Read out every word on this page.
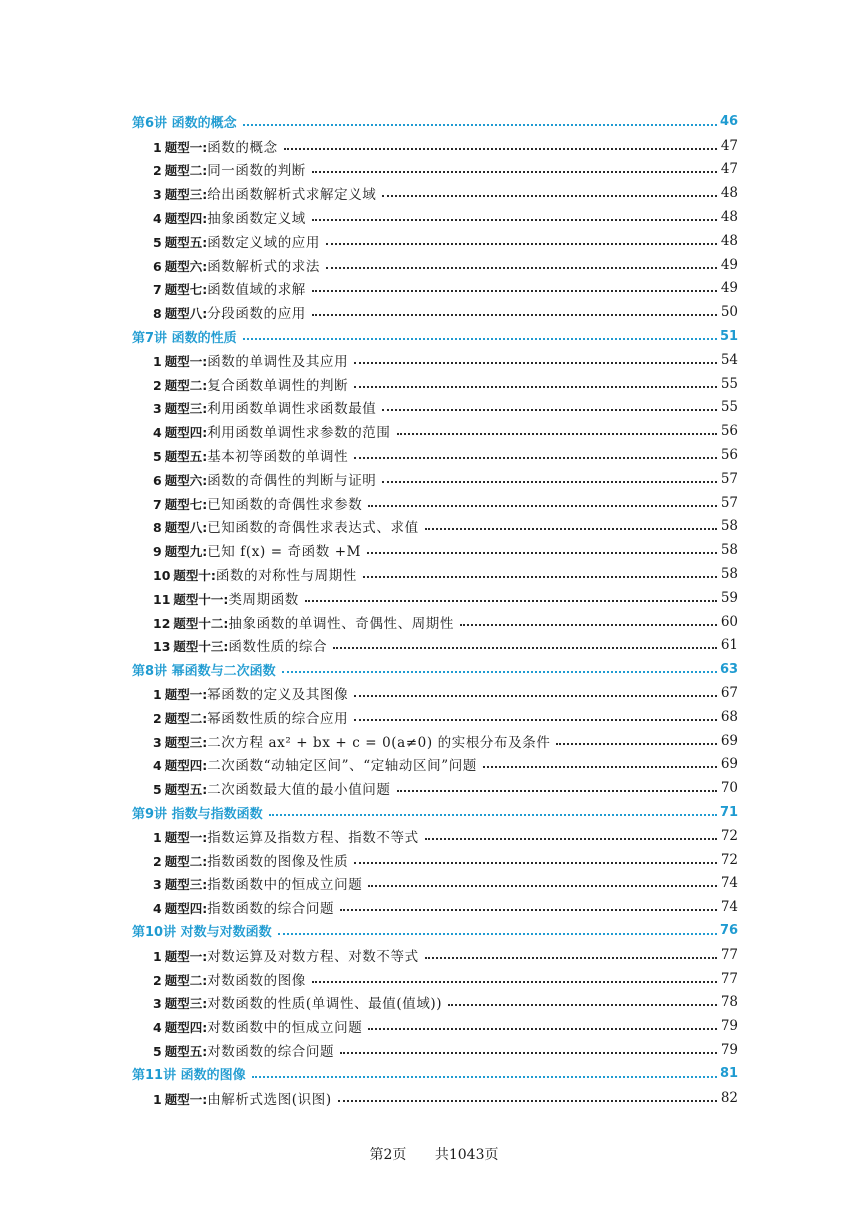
第6讲 函数的概念	46
1 题型一:函数的概念	47
2 题型二:同一函数的判断	47
3 题型三:给出函数解析式求解定义域	48
4 题型四:抽象函数定义域	48
5 题型五:函数定义域的应用	48
6 题型六:函数解析式的求法	49
7 题型七:函数值域的求解	49
8 题型八:分段函数的应用	50
第7讲 函数的性质	51
1 题型一:函数的单调性及其应用	54
2 题型二:复合函数单调性的判断	55
3 题型三:利用函数单调性求函数最值	55
4 题型四:利用函数单调性求参数的范围	56
5 题型五:基本初等函数的单调性	56
6 题型六:函数的奇偶性的判断与证明	57
7 题型七:已知函数的奇偶性求参数	57
8 题型八:已知函数的奇偶性求表达式、求值	58
9 题型九:已知 f(x) = 奇函数 +M	58
10 题型十:函数的对称性与周期性	58
11 题型十一:类周期函数	59
12 题型十二:抽象函数的单调性、奇偶性、周期性	60
13 题型十三:函数性质的综合	61
第8讲 幂函数与二次函数	63
1 题型一:幂函数的定义及其图像	67
2 题型二:幂函数性质的综合应用	68
3 题型三:二次方程 ax² + bx + c = 0(a≠0) 的实根分布及条件	69
4 题型四:二次函数“动轴定区间”、“定轴动区间”问题	69
5 题型五:二次函数最大值的最小值问题	70
第9讲 指数与指数函数	71
1 题型一:指数运算及指数方程、指数不等式	72
2 题型二:指数函数的图像及性质	72
3 题型三:指数函数中的恒成立问题	74
4 题型四:指数函数的综合问题	74
第10讲 对数与对数函数	76
1 题型一:对数运算及对数方程、对数不等式	77
2 题型二:对数函数的图像	77
3 题型三:对数函数的性质(单调性、最值(值域))	78
4 题型四:对数函数中的恒成立问题	79
5 题型五:对数函数的综合问题	79
第11讲 函数的图像	81
1 题型一:由解析式选图(识图)	82
第2页 共1043页
